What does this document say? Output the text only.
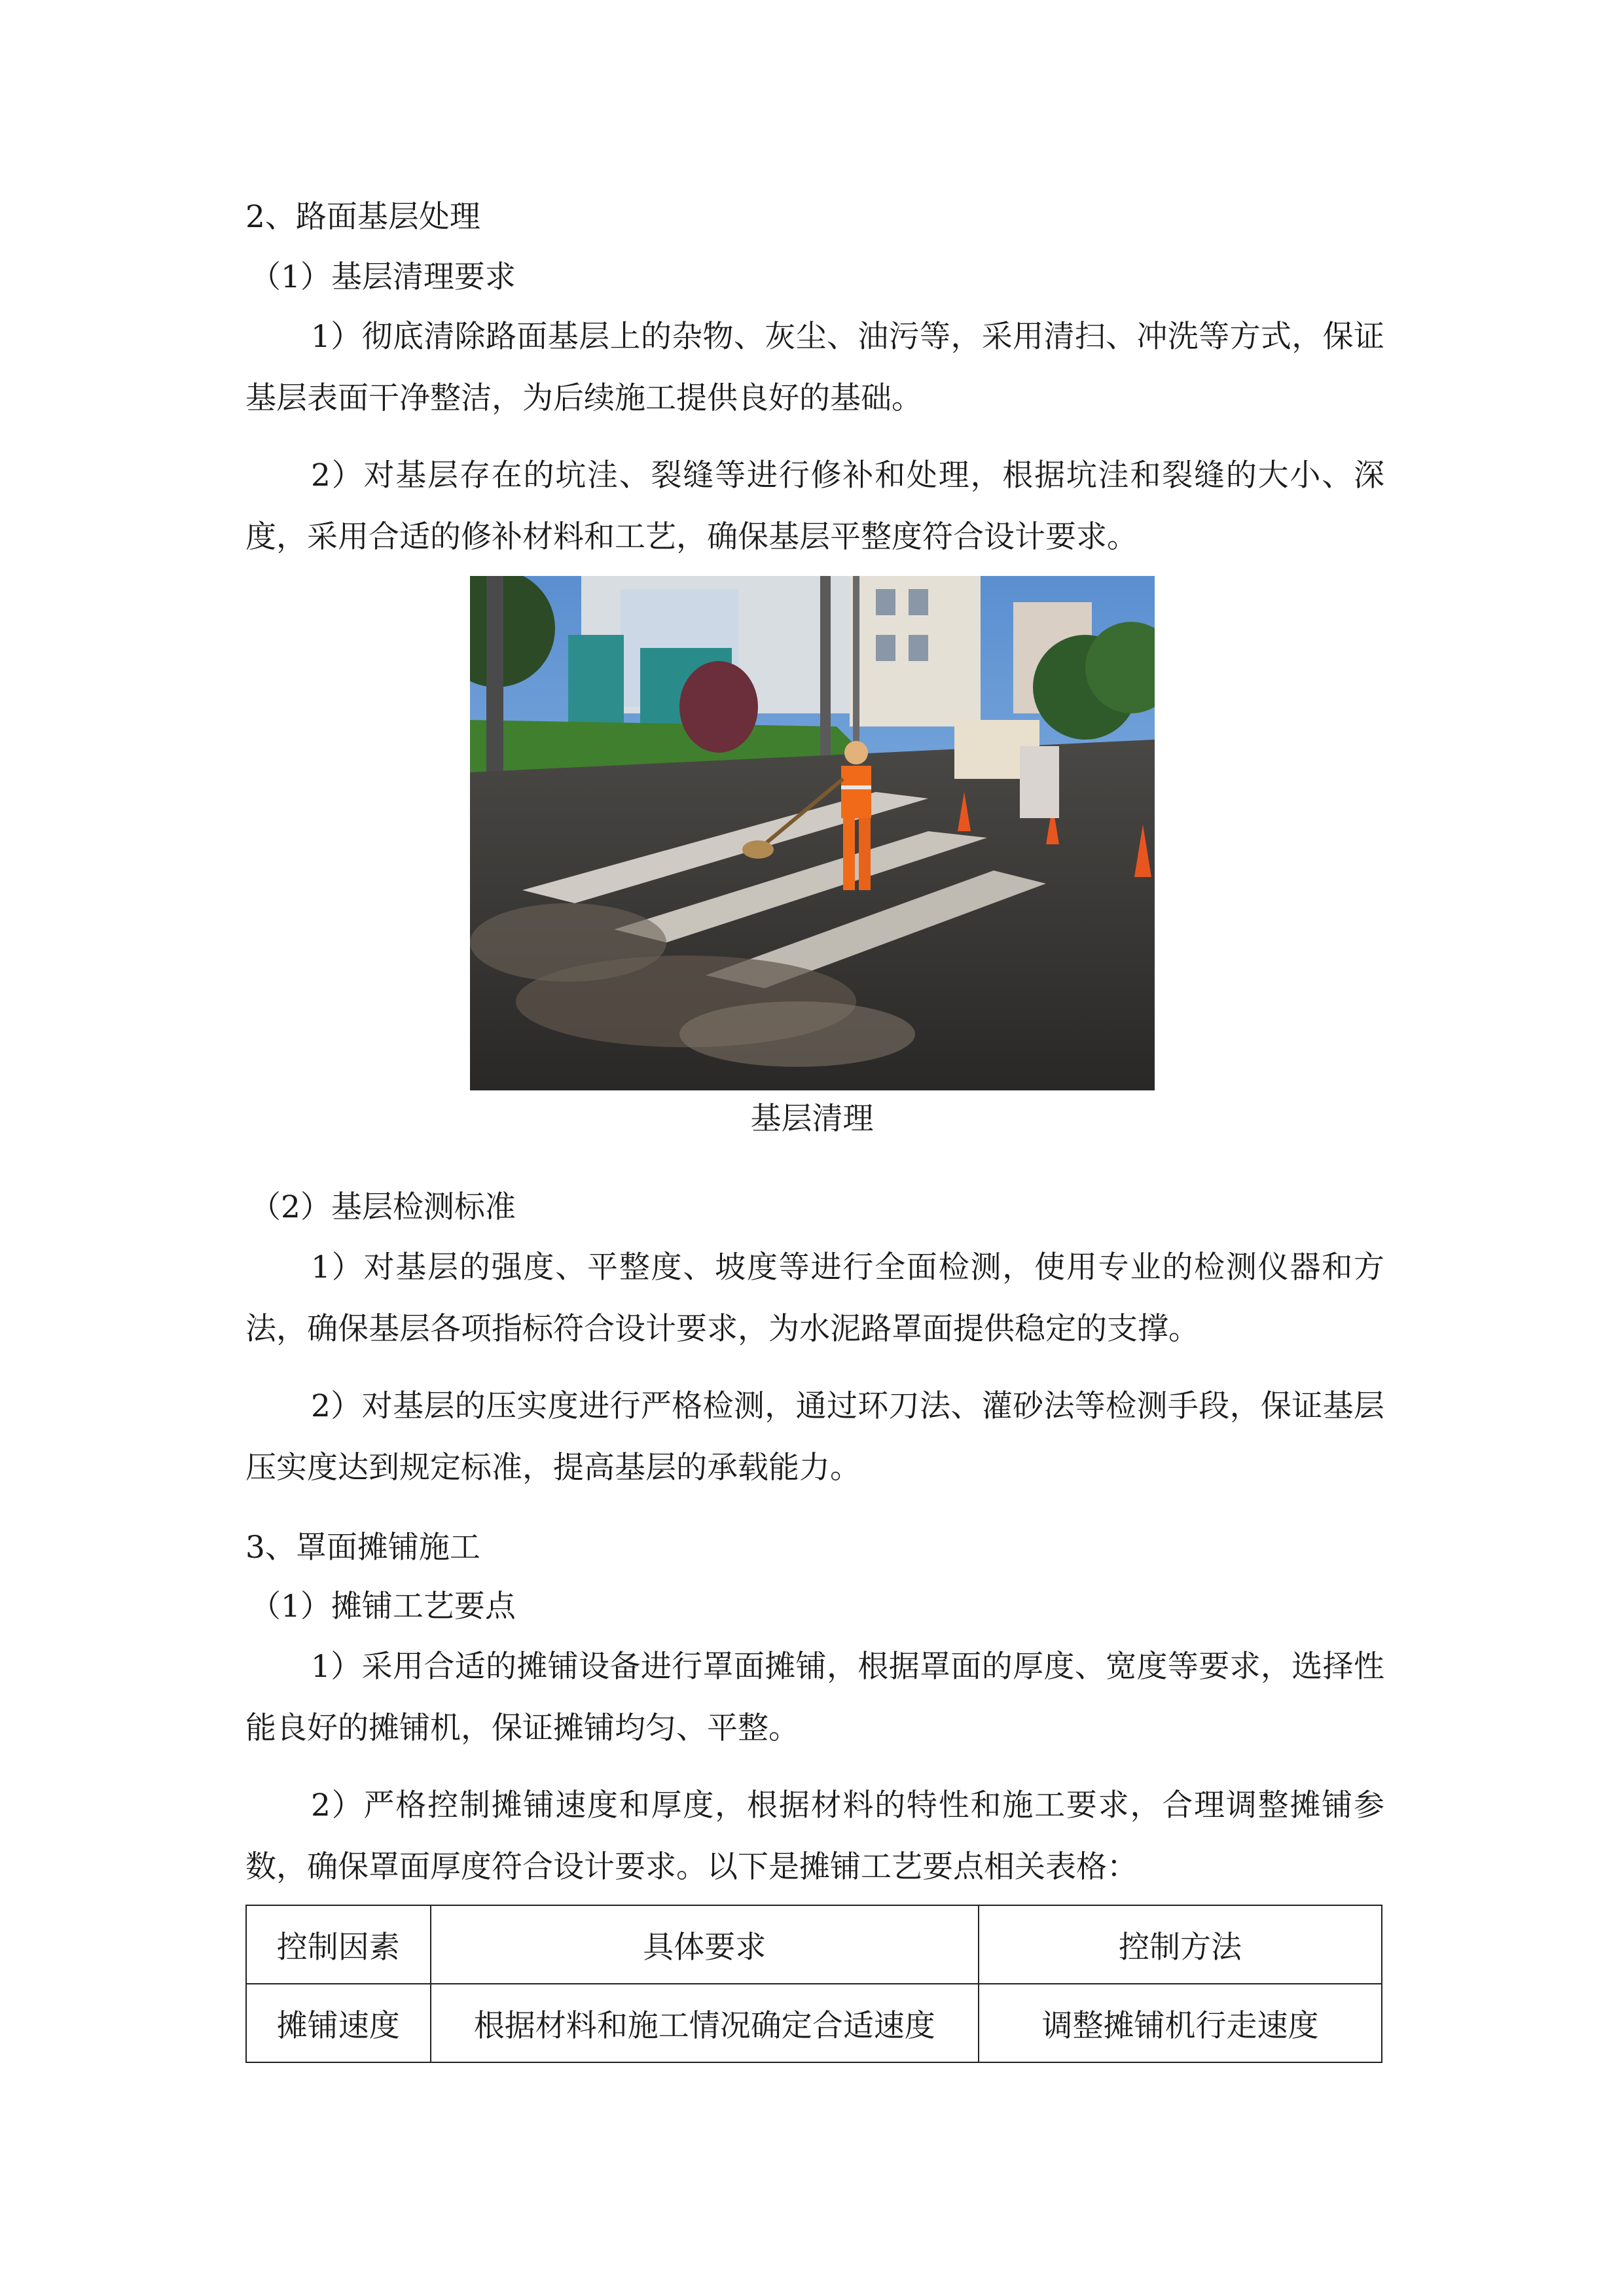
2、路面基层处理
（1）基层清理要求

1）彻底清除路面基层上的杂物、灰尘、油污等，采用清扫、冲洗等方式，保证基层表面干净整洁，为后续施工提供良好的基础。

2）对基层存在的坑洼、裂缝等进行修补和处理，根据坑洼和裂缝的大小、深度，采用合适的修补材料和工艺，确保基层平整度符合设计要求。

基层清理
（2）基层检测标准

1）对基层的强度、平整度、坡度等进行全面检测，使用专业的检测仪器和方法，确保基层各项指标符合设计要求，为水泥路罩面提供稳定的支撑。

2）对基层的压实度进行严格检测，通过环刀法、灌砂法等检测手段，保证基层压实度达到规定标准，提高基层的承载能力。

3、罩面摊铺施工
（1）摊铺工艺要点

1）采用合适的摊铺设备进行罩面摊铺，根据罩面的厚度、宽度等要求，选择性能良好的摊铺机，保证摊铺均匀、平整。

2）严格控制摊铺速度和厚度，根据材料的特性和施工要求，合理调整摊铺参数，确保罩面厚度符合设计要求。以下是摊铺工艺要点相关表格：

控制因素	具体要求	控制方法
摊铺速度	根据材料和施工情况确定合适速度	调整摊铺机行走速度
